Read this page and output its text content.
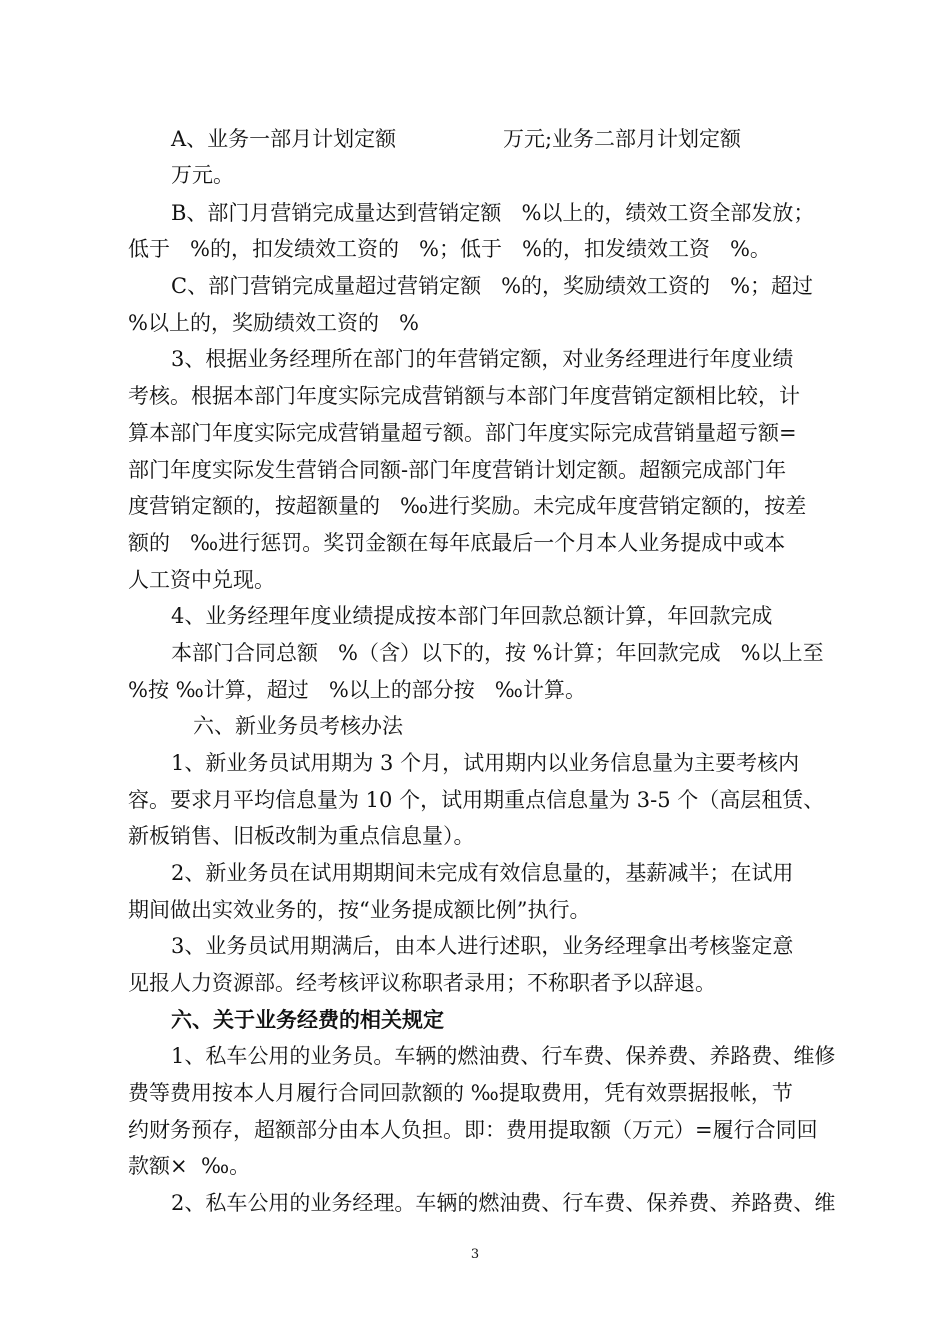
A、业务一部月计划定额                万元;业务二部月计划定额
万元。
B、部门月营销完成量达到营销定额   %以上的，绩效工资全部发放；
低于   %的，扣发绩效工资的   %；低于   %的，扣发绩效工资   %。
C、部门营销完成量超过营销定额   %的，奖励绩效工资的   %；超过
%以上的，奖励绩效工资的   %
3、根据业务经理所在部门的年营销定额，对业务经理进行年度业绩
考核。根据本部门年度实际完成营销额与本部门年度营销定额相比较，计
算本部门年度实际完成营销量超亏额。部门年度实际完成营销量超亏额=
部门年度实际发生营销合同额-部门年度营销计划定额。超额完成部门年
度营销定额的，按超额量的   ‰进行奖励。未完成年度营销定额的，按差
额的   ‰进行惩罚。奖罚金额在每年底最后一个月本人业务提成中或本
人工资中兑现。
4、业务经理年度业绩提成按本部门年回款总额计算，年回款完成
本部门合同总额   %（含）以下的，按 %计算；年回款完成   %以上至
%按 ‰计算，超过   %以上的部分按   ‰计算。
六、新业务员考核办法
1、新业务员试用期为 3 个月，试用期内以业务信息量为主要考核内
容。要求月平均信息量为 10 个，试用期重点信息量为 3-5 个（高层租赁、
新板销售、旧板改制为重点信息量）。
2、新业务员在试用期期间未完成有效信息量的，基薪减半；在试用
期间做出实效业务的，按“业务提成额比例”执行。
3、业务员试用期满后，由本人进行述职，业务经理拿出考核鉴定意
见报人力资源部。经考核评议称职者录用；不称职者予以辞退。
六、关于业务经费的相关规定
1、私车公用的业务员。车辆的燃油费、行车费、保养费、养路费、维修
费等费用按本人月履行合同回款额的 ‰提取费用，凭有效票据报帐，节
约财务预存，超额部分由本人负担。即：费用提取额（万元）=履行合同回
款额×  ‰。
2、私车公用的业务经理。车辆的燃油费、行车费、保养费、养路费、维
3
